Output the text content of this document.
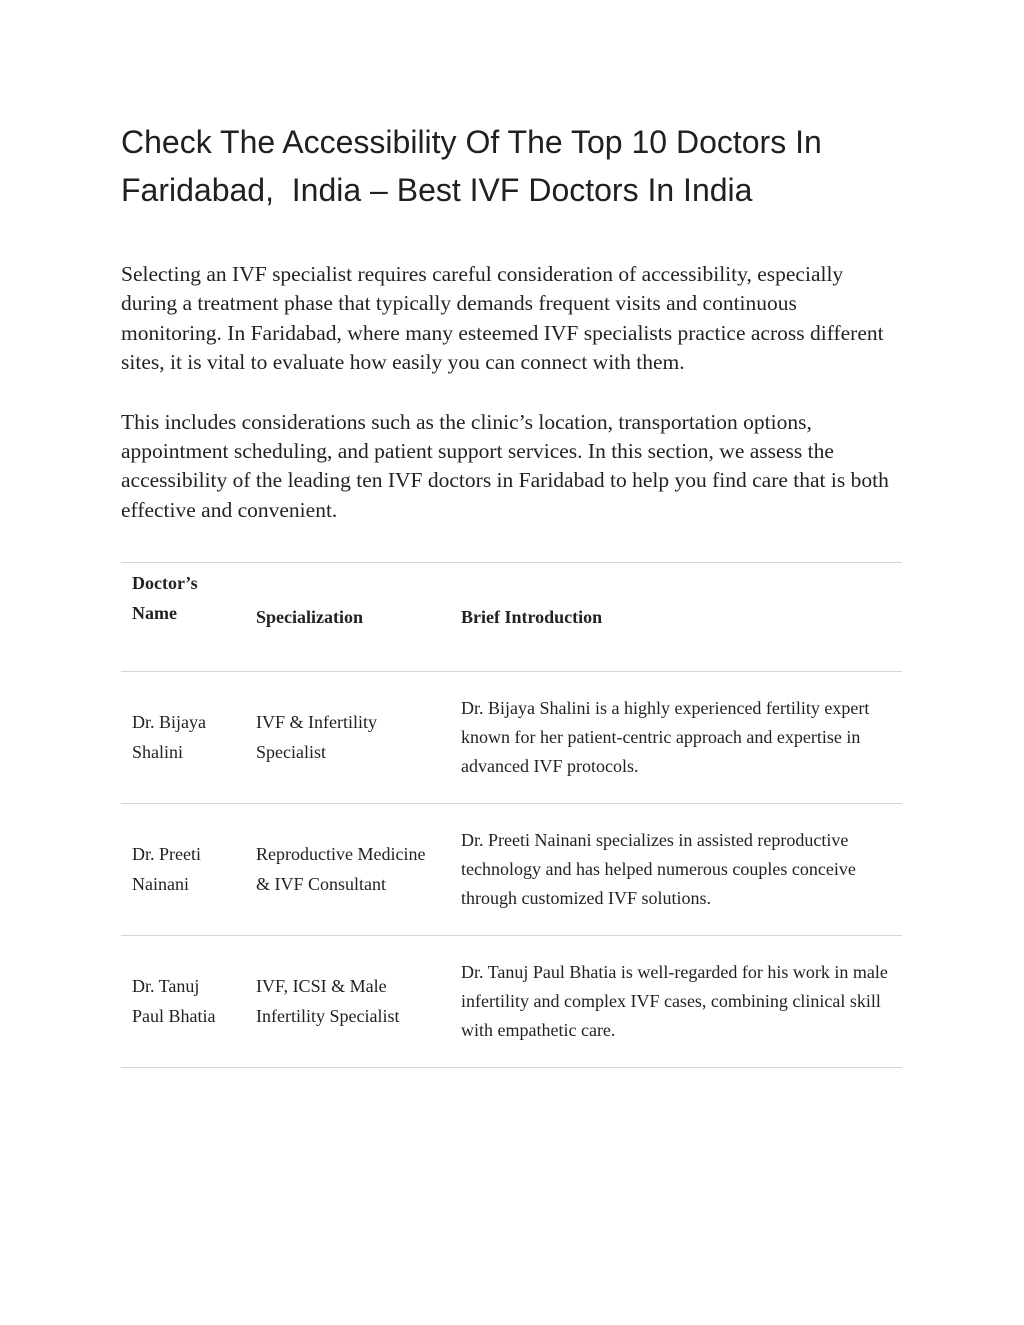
Check The Accessibility Of The Top 10 Doctors In Faridabad,  India – Best IVF Doctors In India

Selecting an IVF specialist requires careful consideration of accessibility, especially during a treatment phase that typically demands frequent visits and continuous monitoring. In Faridabad, where many esteemed IVF specialists practice across different sites, it is vital to evaluate how easily you can connect with them.

This includes considerations such as the clinic’s location, transportation options, appointment scheduling, and patient support services. In this section, we assess the accessibility of the leading ten IVF doctors in Faridabad to help you find care that is both effective and convenient.

Doctor’s Name	Specialization	Brief Introduction
Dr. Bijaya Shalini	IVF & Infertility Specialist	Dr. Bijaya Shalini is a highly experienced fertility expert known for her patient-centric approach and expertise in advanced IVF protocols.
Dr. Preeti Nainani	Reproductive Medicine & IVF Consultant	Dr. Preeti Nainani specializes in assisted reproductive technology and has helped numerous couples conceive through customized IVF solutions.
Dr. Tanuj Paul Bhatia	IVF, ICSI & Male Infertility Specialist	Dr. Tanuj Paul Bhatia is well-regarded for his work in male infertility and complex IVF cases, combining clinical skill with empathetic care.
